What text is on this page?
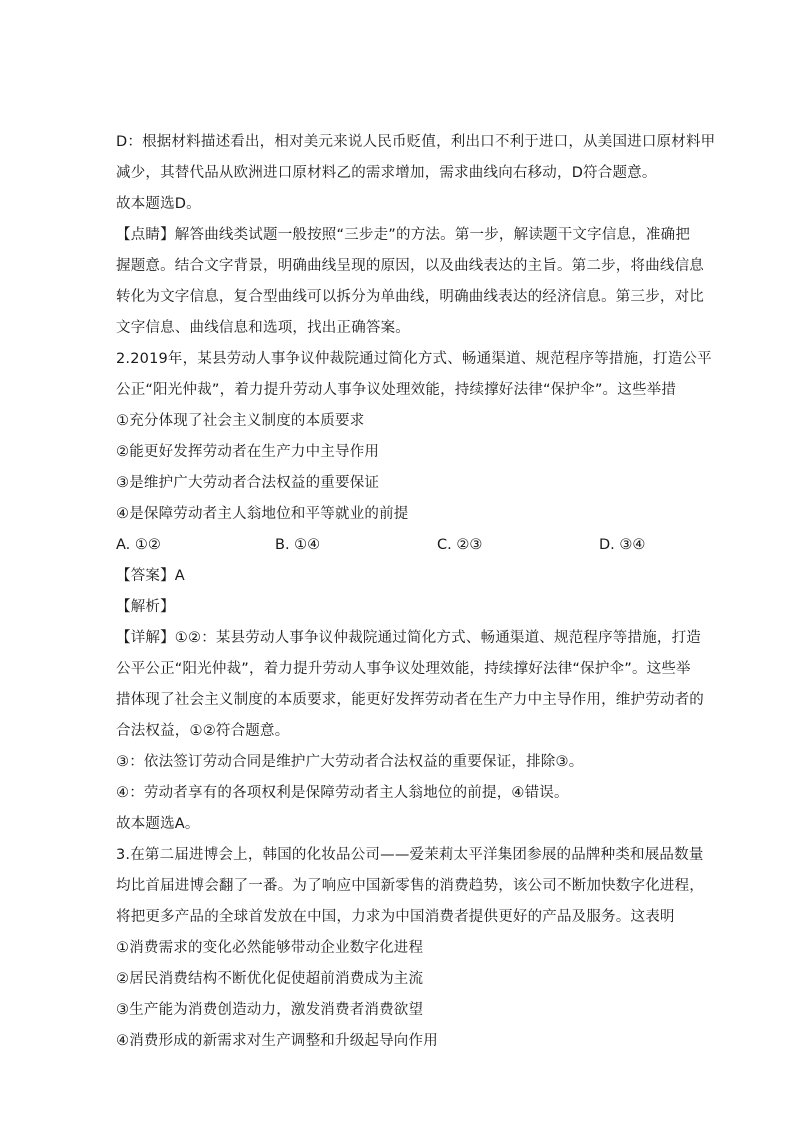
D：根据材料描述看出，相对美元来说人民币贬值，利出口不利于进口，从美国进口原材料甲
减少，其替代品从欧洲进口原材料乙的需求增加，需求曲线向右移动，D符合题意。
故本题选D。
【点睛】解答曲线类试题一般按照“三步走”的方法。第一步，解读题干文字信息，准确把
握题意。结合文字背景，明确曲线呈现的原因，以及曲线表达的主旨。第二步，将曲线信息
转化为文字信息，复合型曲线可以拆分为单曲线，明确曲线表达的经济信息。第三步，对比
文字信息、曲线信息和选项，找出正确答案。
2.2019年，某县劳动人事争议仲裁院通过简化方式、畅通渠道、规范程序等措施，打造公平
公正“阳光仲裁”，着力提升劳动人事争议处理效能，持续撑好法律“保护伞”。这些举措
①充分体现了社会主义制度的本质要求
②能更好发挥劳动者在生产力中主导作用
③是维护广大劳动者合法权益的重要保证
④是保障劳动者主人翁地位和平等就业的前提
A. ①②	B. ①④	C. ②③	D. ③④
【答案】A
【解析】
【详解】①②：某县劳动人事争议仲裁院通过简化方式、畅通渠道、规范程序等措施，打造
公平公正“阳光仲裁”，着力提升劳动人事争议处理效能，持续撑好法律“保护伞”。这些举
措体现了社会主义制度的本质要求，能更好发挥劳动者在生产力中主导作用，维护劳动者的
合法权益，①②符合题意。
③：依法签订劳动合同是维护广大劳动者合法权益的重要保证，排除③。
④：劳动者享有的各项权利是保障劳动者主人翁地位的前提，④错误。
故本题选A。
3.在第二届进博会上，韩国的化妆品公司——爱茉莉太平洋集团参展的品牌种类和展品数量
均比首届进博会翻了一番。为了响应中国新零售的消费趋势，该公司不断加快数字化进程，
将把更多产品的全球首发放在中国，力求为中国消费者提供更好的产品及服务。这表明
①消费需求的变化必然能够带动企业数字化进程
②居民消费结构不断优化促使超前消费成为主流
③生产能为消费创造动力，激发消费者消费欲望
④消费形成的新需求对生产调整和升级起导向作用
